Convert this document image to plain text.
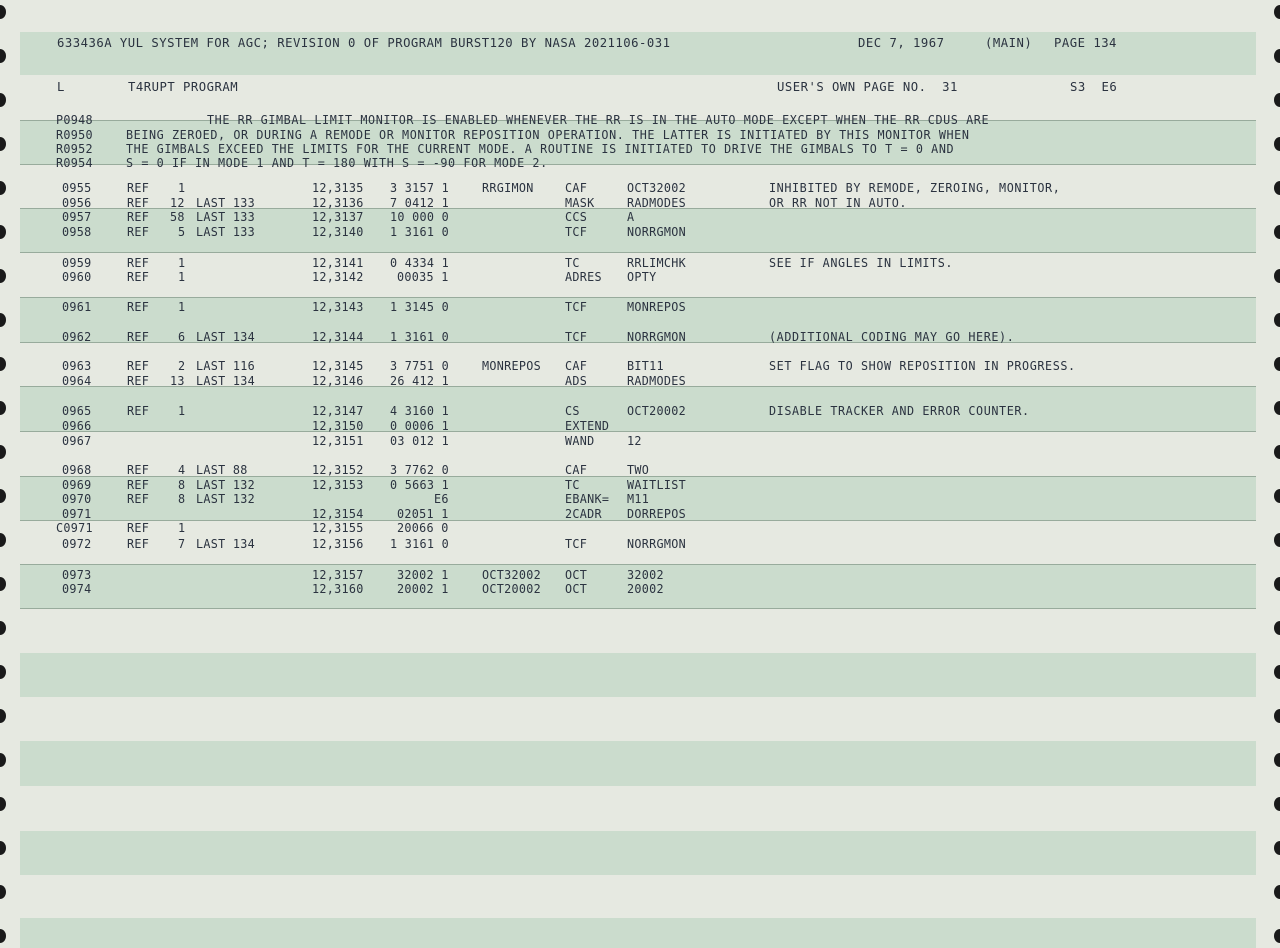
633436A YUL SYSTEM FOR AGC; REVISION 0 OF PROGRAM BURST120 BY NASA 2021106-031	DEC 7, 1967	(MAIN) PAGE 134
L	T4RUPT PROGRAM	USER'S OWN PAGE NO.  31	S3  E6
P0948	THE RR GIMBAL LIMIT MONITOR IS ENABLED WHENEVER THE RR IS IN THE AUTO MODE EXCEPT WHEN THE RR CDUS ARE
R0950	BEING ZEROED, OR DURING A REMODE OR MONITOR REPOSITION OPERATION. THE LATTER IS INITIATED BY THIS MONITOR WHEN
R0952	THE GIMBALS EXCEED THE LIMITS FOR THE CURRENT MODE. A ROUTINE IS INITIATED TO DRIVE THE GIMBALS TO T = 0 AND
R0954	S = 0 IF IN MODE 1 AND T = 180 WITH S = -90 FOR MODE 2.
0955	REF 1	12,3135 3 3157 1	RRGIMON	CAF	OCT32002	INHIBITED BY REMODE, ZEROING, MONITOR,
0956	REF 12 LAST 133	12,3136 7 0412 1	MASK	RADMODES	OR RR NOT IN AUTO.
0957	REF 58 LAST 133	12,3137 10 000 0	CCS	A
0958	REF 5 LAST 133	12,3140 1 3161 0	TCF	NORRGMON
0959	REF 1	12,3141 0 4334 1	TC	RRLIMCHK	SEE IF ANGLES IN LIMITS.
0960	REF 1	12,3142	00035 1	ADRES OPTY
0961	REF 1	12,3143 1 3145 0	TCF	MONREPOS
0962	REF 6 LAST 134	12,3144 1 3161 0	TCF	NORRGMON	(ADDITIONAL CODING MAY GO HERE).
0963	REF 2 LAST 116	12,3145 3 7751 0	MONREPOS CAF	BIT11	SET FLAG TO SHOW REPOSITION IN PROGRESS.
0964	REF 13 LAST 134	12,3146 26 412 1	ADS	RADMODES
0965	REF 1	12,3147 4 3160 1	CS	OCT20002	DISABLE TRACKER AND ERROR COUNTER.
0966	12,3150 0 0006 1	EXTEND
0967	12,3151 03 012 1	WAND	12
0968	REF 4 LAST 88	12,3152 3 7762 0	CAF	TWO
0969	REF 8 LAST 132	12,3153 0 5663 1	TC	WAITLIST
0970	REF 8 LAST 132	E6	EBANK= M11
0971	12,3154	02051 1	2CADR DORREPOS
C0971	REF 1	12,3155	20066 0
0972	REF 7 LAST 134	12,3156 1 3161 0	TCF	NORRGMON
0973	12,3157	32002 1	OCT32002 OCT	32002
0974	12,3160	20002 1	OCT20002 OCT	20002
